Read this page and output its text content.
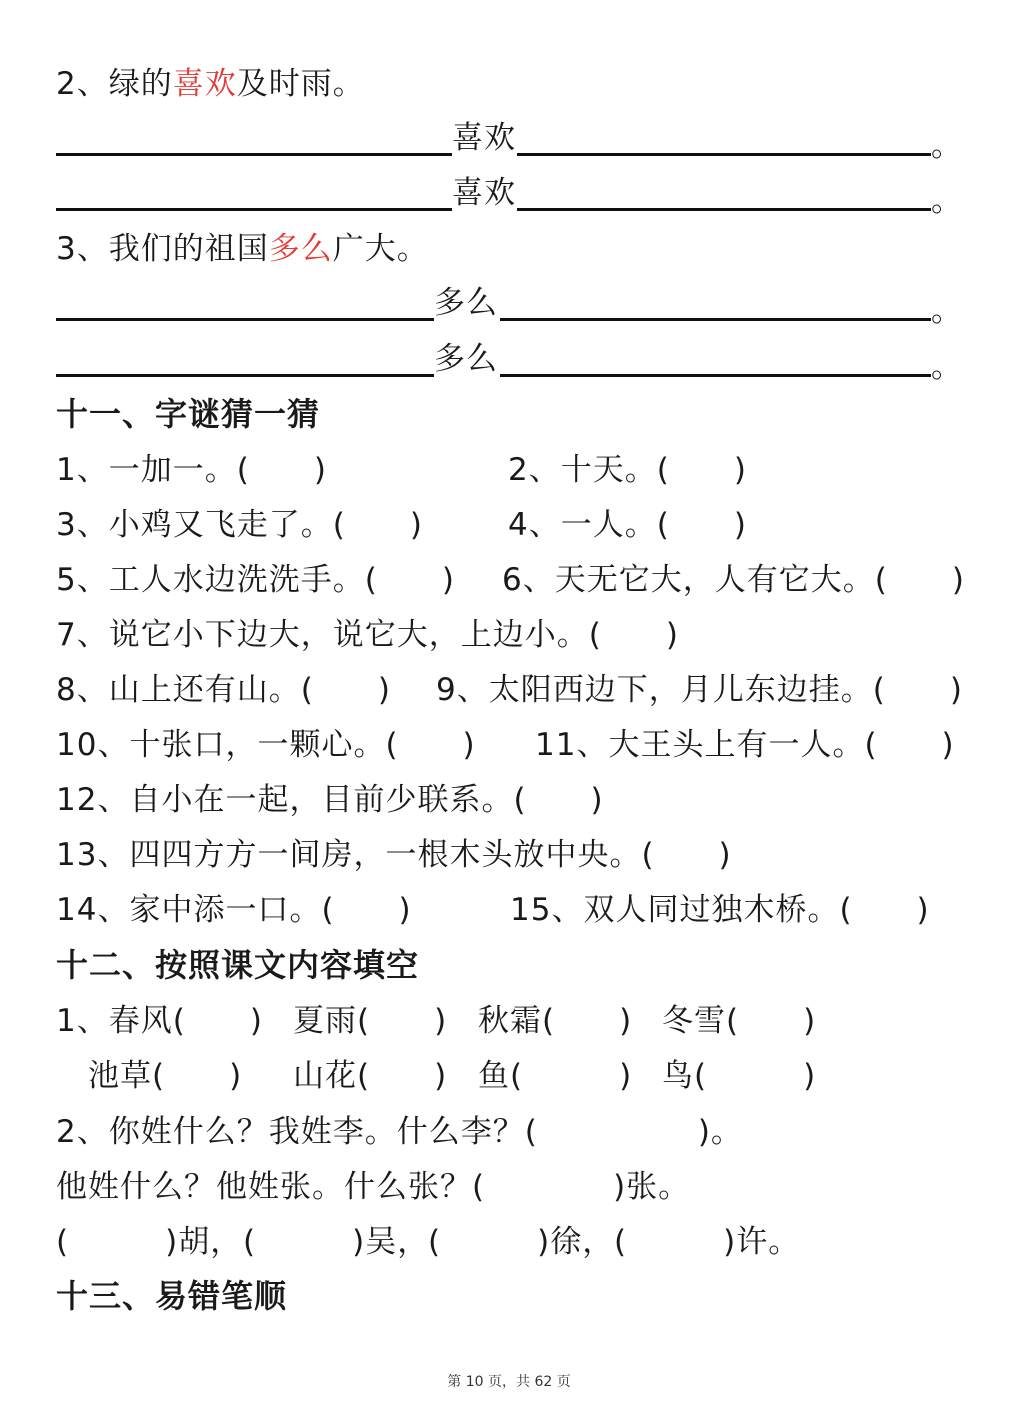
2、绿的喜欢及时雨。
喜欢	。
喜欢	。
3、我们的祖国多么广大。
多么	。
多么	。
十一、字谜猜一猜
1、一加一。(　　)	2、十天。(　　)
3、小鸡又飞走了。(　　)	4、一人。(　　)
5、工人水边洗洗手。(　　) 6、天无它大，人有它大。(　　)
7、说它小下边大，说它大，上边小。(　　)
8、山上还有山。(　　) 9、太阳西边下，月儿东边挂。(　　)
10、十张口，一颗心。(　　) 11、大王头上有一人。(　　)
12、自小在一起，目前少联系。(　　)
13、四四方方一间房，一根木头放中央。(　　)
14、家中添一口。(　　)	15、双人同过独木桥。(　　)
十二、按照课文内容填空
1、春风(　　) 夏雨(　　) 秋霜(　　) 冬雪(　　)
池草(　　) 山花(　　) 鱼(　　　) 鸟(　　　)
2、你姓什么？我姓李。什么李？(　　　　　)。
他姓什么？他姓张。什么张？(　　　　)张。
(　　　)胡， (　　　)吴，
(　　　)徐， (　　　)许。
十三、易错笔顺
第 10 页，共 62 页
